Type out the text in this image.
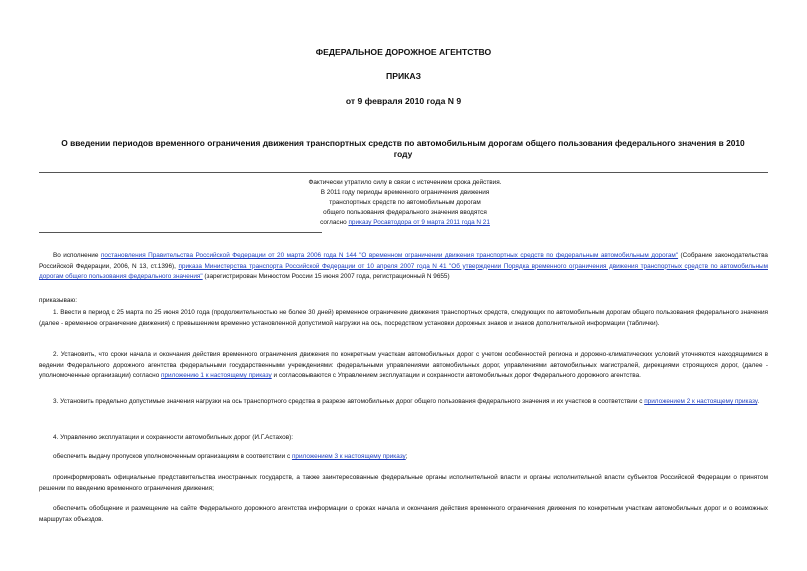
ФЕДЕРАЛЬНОЕ ДОРОЖНОЕ АГЕНТСТВО
ПРИКАЗ
от 9 февраля 2010 года N 9
О введении периодов временного ограничения движения транспортных средств по автомобильным дорогам общего пользования федерального значения в 2010 году
Фактически утратило силу в связи с истечением срока действия.
В 2011 году периоды временного ограничения движения
транспортных средств по автомобильным дорогам
общего пользования федерального значения вводятся
согласно приказу Росавтодора от 9 марта 2011 года N 21
Во исполнение постановления Правительства Российской Федерации от 20 марта 2006 года N 144 "О временном ограничении движения транспортных средств по федеральным автомобильным дорогам" (Собрание законодательства Российской Федерации, 2006, N 13, ст.1396), приказа Министерства транспорта Российской Федерации от 10 апреля 2007 года N 41 "Об утверждении Порядка временного ограничения движения транспортных средств по автомобильным дорогам общего пользования федерального значения" (зарегистрирован Минюстом России 15 июня 2007 года, регистрационный N 9655)
приказываю:
1. Ввести в период с 25 марта по 25 июня 2010 года (продолжительностью не более 30 дней) временное ограничение движения транспортных средств, следующих по автомобильным дорогам общего пользования федерального значения (далее - временное ограничение движения) с превышением временно установленной допустимой нагрузки на ось, посредством установки дорожных знаков и знаков дополнительной информации (таблички).
2. Установить, что сроки начала и окончания действия временного ограничения движения по конкретным участкам автомобильных дорог с учетом особенностей региона и дорожно-климатических условий уточняются находящимися в ведении Федерального дорожного агентства федеральными государственными учреждениями: федеральными управлениями автомобильных дорог, управлениями автомобильных магистралей, дирекциями строящихся дорог, (далее - уполномоченные организации) согласно приложению 1 к настоящему приказу и согласовываются с Управлением эксплуатации и сохранности автомобильных дорог Федерального дорожного агентства.
3. Установить предельно допустимые значения нагрузки на ось транспортного средства в разрезе автомобильных дорог общего пользования федерального значения и их участков в соответствии с приложением 2 к настоящему приказу.
4. Управлению эксплуатации и сохранности автомобильных дорог (И.Г.Астахов):
обеспечить выдачу пропусков уполномоченным организациям в соответствии с приложением 3 к настоящему приказу;
проинформировать официальные представительства иностранных государств, а также заинтересованные федеральные органы исполнительной власти и органы исполнительной власти субъектов Российской Федерации о принятом решении по введению временного ограничения движения;
обеспечить обобщение и размещение на сайте Федерального дорожного агентства информации о сроках начала и окончания действия временного ограничения движения по конкретным участкам автомобильных дорог и о возможных маршрутах объездов.
